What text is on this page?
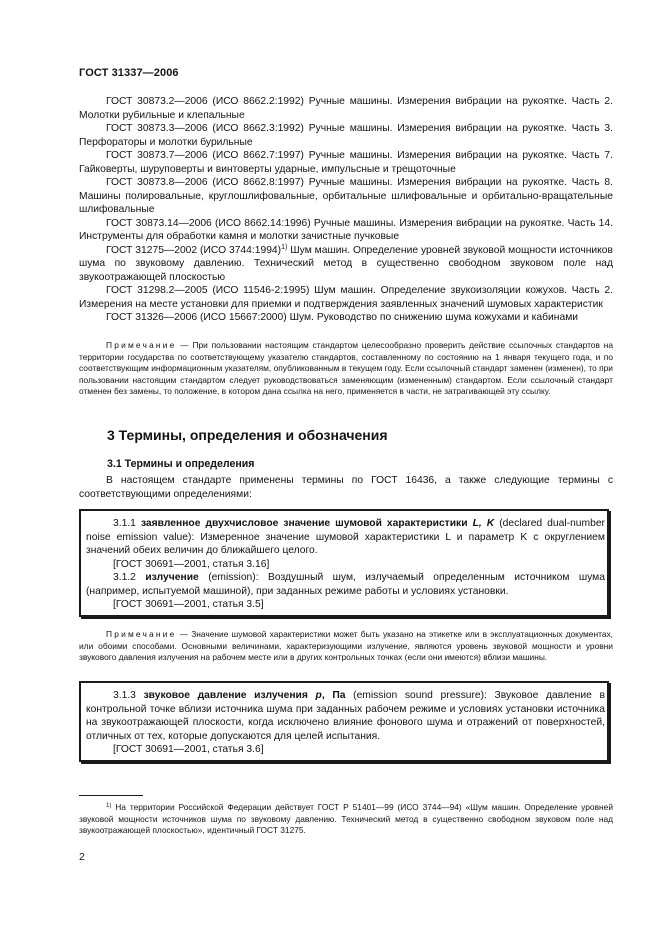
ГОСТ 31337—2006

ГОСТ 30873.2—2006 (ИСО 8662.2:1992) Ручные машины. Измерения вибрации на рукоятке. Часть 2. Молотки рубильные и клепальные

ГОСТ 30873.3—2006 (ИСО 8662.3:1992) Ручные машины. Измерения вибрации на рукоятке. Часть 3. Перфораторы и молотки бурильные

ГОСТ 30873.7—2006 (ИСО 8662.7:1997) Ручные машины. Измерения вибрации на рукоятке. Часть 7. Гайковерты, шуруповерты и винтоверты ударные, импульсные и трещоточные

ГОСТ 30873.8—2006 (ИСО 8662.8:1997) Ручные машины. Измерения вибрации на рукоятке. Часть 8. Машины полировальные, круглошлифовальные, орбитальные шлифовальные и орбитально-вращательные шлифовальные

ГОСТ 30873.14—2006 (ИСО 8662.14:1996) Ручные машины. Измерения вибрации на рукоятке. Часть 14. Инструменты для обработки камня и молотки зачистные пучковые

ГОСТ 31275—2002 (ИСО 3744:1994)$^{1)}$ Шум машин. Определение уровней звуковой мощности источников шума по звуковому давлению. Технический метод в существенно свободном звуковом поле над звукоотражающей плоскостью

ГОСТ 31298.2—2005 (ИСО 11546-2:1995) Шум машин. Определение звукоизоляции кожухов. Часть 2. Измерения на месте установки для приемки и подтверждения заявленных значений шумовых характеристик

ГОСТ 31326—2006 (ИСО 15667:2000) Шум. Руководство по снижению шума кожухами и кабинами

Примечание — При пользовании настоящим стандартом целесообразно проверить действие ссылочных стандартов на территории государства по соответствующему указателю стандартов, составленному по состоянию на 1 января текущего года, и по соответствующим информационным указателям, опубликованным в текущем году. Если ссылочный стандарт заменен (изменен), то при пользовании настоящим стандартом следует руководствоваться заменяющим (измененным) стандартом. Если ссылочный стандарт отменен без замены, то положение, в котором дана ссылка на него, применяется в части, не затрагивающей эту ссылку.

3 Термины, определения и обозначения
3.1 Термины и определения

В настоящем стандарте применены термины по ГОСТ 16436, а также следующие термины с соответствующими определениями:

3.1.1 заявленное двухчисловое значение шумовой характеристики L, K (declared dual-number noise emission value): Измеренное значение шумовой характеристики L и параметр K с округлением значений обеих величин до ближайшего целого.

[ГОСТ 30691—2001, статья 3.16]

3.1.2 излучение (emission): Воздушный шум, излучаемый определенным источником шума (например, испытуемой машиной), при заданных режиме работы и условиях установки.

[ГОСТ 30691—2001, статья 3.5]

Примечание — Значение шумовой характеристики может быть указано на этикетке или в эксплуатационных документах, или обоими способами. Основными величинами, характеризующими излучение, являются уровень звуковой мощности и уровни звукового давления излучения на рабочем месте или в других контрольных точках (если они имеются) вблизи машины.

3.1.3 звуковое давление излучения p, Па (emission sound pressure): Звуковое давление в контрольной точке вблизи источника шума при заданных рабочем режиме и условиях установки источника на звукоотражающей плоскости, когда исключено влияние фонового шума и отражений от поверхностей, отличных от тех, которые допускаются для целей испытания.

[ГОСТ 30691—2001, статья 3.6]

$^{1)}$ На территории Российской Федерации действует ГОСТ Р 51401—99 (ИСО 3744—94) «Шум машин. Определение уровней звуковой мощности источников шума по звуковому давлению. Технический метод в существенно свободном звуковом поле над звукоотражающей плоскостью», идентичный ГОСТ 31275.

2
